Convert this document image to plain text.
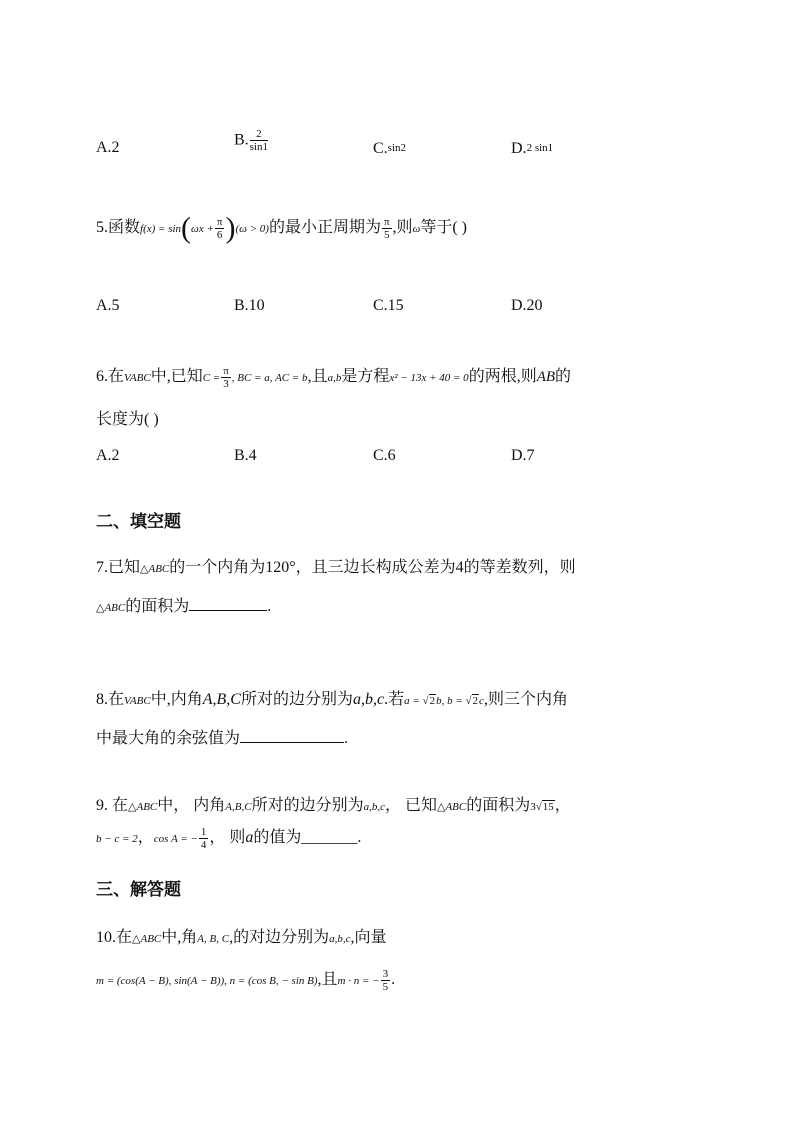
A.2	B. $\frac{2}{\sin 1}$	C.sin2	D.2 sin1
5.函数$f(x) = \sin(\omega x + \frac{\pi}{6} )(\omega > 0)$的最小正周期为 $\frac{\pi}{5}$ ,则ω等于( )
A.5	B.10	C.15	D.20
6.在VABC中,已知$C = \frac{\pi}{3}$ , BC = a, AC = b,且a,b是方程x² − 13x + 40 = 0的两根,则AB的
长度为( )
A.2	B.4	C.6	D.7
二、填空题
7.已知△ABC的一个内角为120°，且三边长构成公差为4的等差数列，则
△ABC的面积为	.
8.在VABC中,内角A,B,C所对的边分别为a,b,c.若a = √2b, b = √2c,则三个内角
中最大角的余弦值为	.
9. 在△ABC中， 内角A,B,C所对的边分别为a,b,c， 已知△ABC的面积为3√15，
b − c = 2，cos A = − $\frac{1}{4}$ ， 则a的值为_______.
三、解答题
10.在△ABC中,角A, B, C,的对边分别为a,b,c,向量
m = (cos(A − B), sin(A − B)), n = (cos B, − sin B),且m · n = − $\frac{3}{5}$ .
